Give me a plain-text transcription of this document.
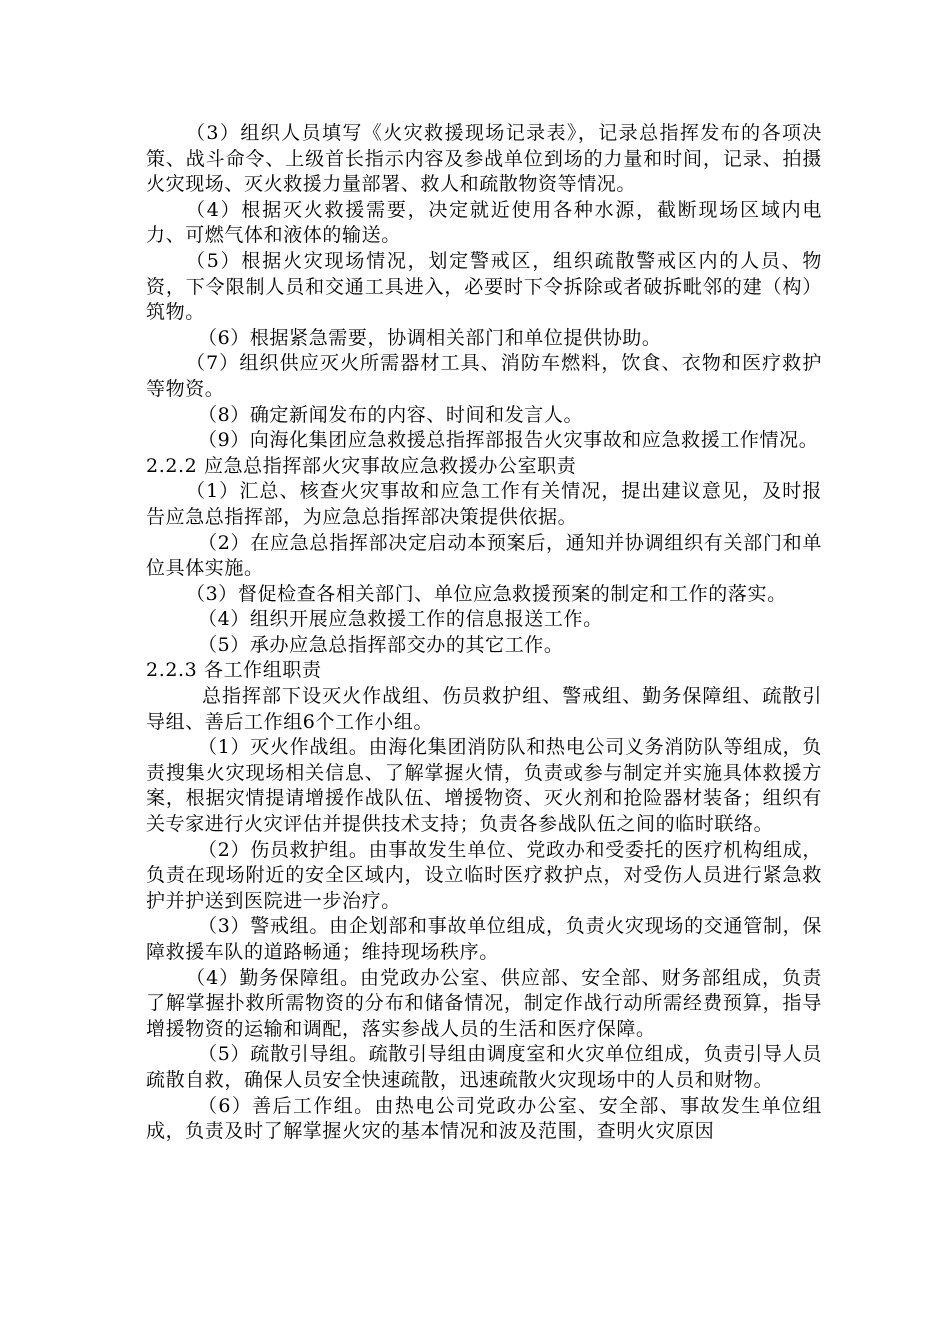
（3）组织人员填写《火灾救援现场记录表》，记录总指挥发布的各项决策、战斗命令、上级首长指示内容及参战单位到场的力量和时间，记录、拍摄火灾现场、灭火救援力量部署、救人和疏散物资等情况。

（4）根据灭火救援需要，决定就近使用各种水源，截断现场区域内电力、可燃气体和液体的输送。

（5）根据火灾现场情况，划定警戒区，组织疏散警戒区内的人员、物资，下令限制人员和交通工具进入，必要时下令拆除或者破拆毗邻的建（构）筑物。

（6）根据紧急需要，协调相关部门和单位提供协助。

（7）组织供应灭火所需器材工具、消防车燃料，饮食、衣物和医疗救护等物资。

（8）确定新闻发布的内容、时间和发言人。

（9）向海化集团应急救援总指挥部报告火灾事故和应急救援工作情况。

2.2.2 应急总指挥部火灾事故应急救援办公室职责

（1）汇总、核查火灾事故和应急工作有关情况，提出建议意见，及时报告应急总指挥部，为应急总指挥部决策提供依据。

（2）在应急总指挥部决定启动本预案后，通知并协调组织有关部门和单位具体实施。

（3）督促检查各相关部门、单位应急救援预案的制定和工作的落实。

（4）组织开展应急救援工作的信息报送工作。

（5）承办应急总指挥部交办的其它工作。

2.2.3 各工作组职责

总指挥部下设灭火作战组、伤员救护组、警戒组、勤务保障组、疏散引导组、善后工作组6个工作小组。

（1）灭火作战组。由海化集团消防队和热电公司义务消防队等组成，负责搜集火灾现场相关信息、了解掌握火情，负责或参与制定并实施具体救援方案，根据灾情提请增援作战队伍、增援物资、灭火剂和抢险器材装备；组织有关专家进行火灾评估并提供技术支持；负责各参战队伍之间的临时联络。

（2）伤员救护组。由事故发生单位、党政办和受委托的医疗机构组成，负责在现场附近的安全区域内，设立临时医疗救护点，对受伤人员进行紧急救护并护送到医院进一步治疗。

（3）警戒组。由企划部和事故单位组成，负责火灾现场的交通管制，保障救援车队的道路畅通；维持现场秩序。

（4）勤务保障组。由党政办公室、供应部、安全部、财务部组成，负责了解掌握扑救所需物资的分布和储备情况，制定作战行动所需经费预算，指导增援物资的运输和调配，落实参战人员的生活和医疗保障。

（5）疏散引导组。疏散引导组由调度室和火灾单位组成，负责引导人员疏散自救，确保人员安全快速疏散，迅速疏散火灾现场中的人员和财物。

（6）善后工作组。由热电公司党政办公室、安全部、事故发生单位组成，负责及时了解掌握火灾的基本情况和波及范围，查明火灾原因
